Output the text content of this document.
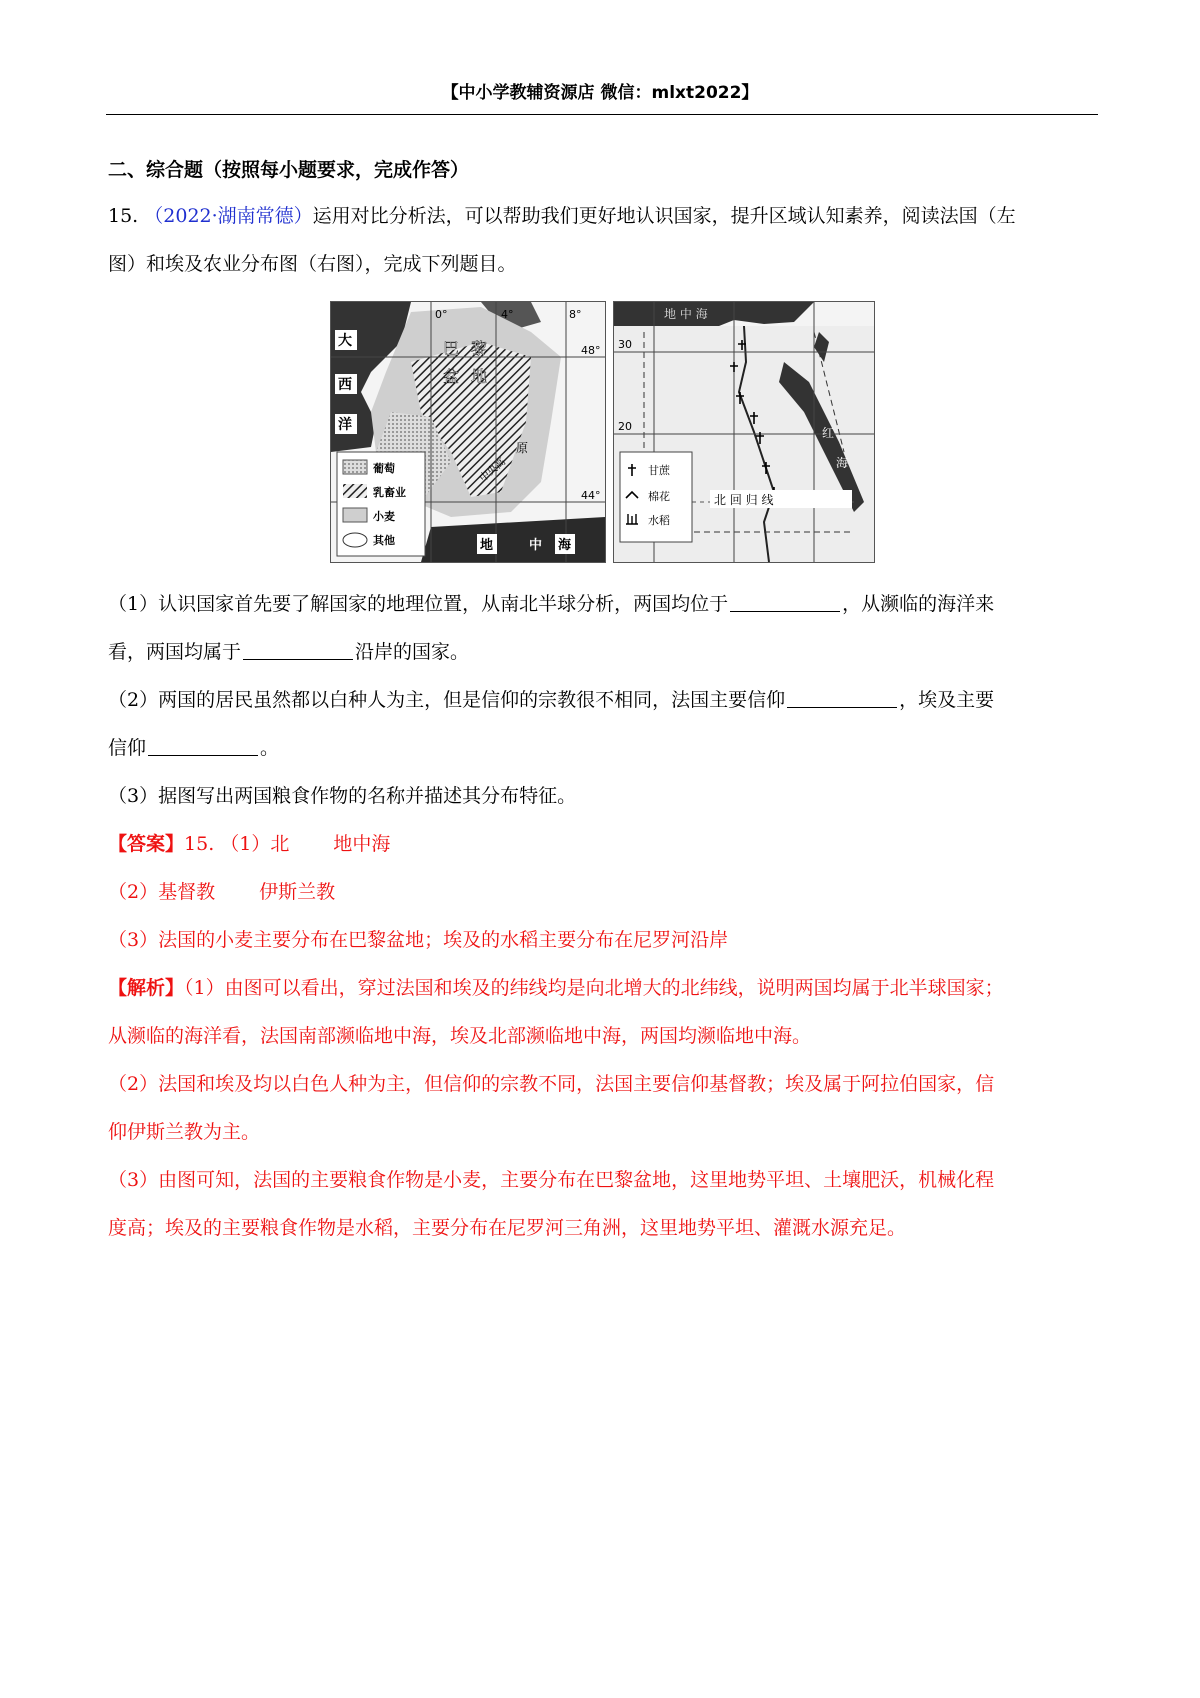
【中小学教辅资源店 微信：mlxt2022】
二、综合题（按照每小题要求，完成作答）
15. （2022·湖南常德）运用对比分析法，可以帮助我们更好地认识国家，提升区域认知素养，阅读法国（左
图）和埃及农业分布图（右图），完成下列题目。
0°	4°	8°
48°
44°
大
西
洋
巴 黎
盆 地
原
中央高
地	中 海
葡萄
乳畜业
小麦
其他
30
20
地 中 海
红
海
北 回 归 线
甘蔗
棉花
水稻
（1）认识国家首先要了解国家的地理位置，从南北半球分析，两国均位于	，从濒临的海洋来
看，两国均属于	沿岸的国家。
（2）两国的居民虽然都以白种人为主，但是信仰的宗教很不相同，法国主要信仰	，埃及主要
信仰	。
（3）据图写出两国粮食作物的名称并描述其分布特征。
【答案】15. （1）北 地中海
（2）基督教 伊斯兰教
（3）法国的小麦主要分布在巴黎盆地；埃及的水稻主要分布在尼罗河沿岸
【解析】（1）由图可以看出，穿过法国和埃及的纬线均是向北增大的北纬线，说明两国均属于北半球国家；
从濒临的海洋看，法国南部濒临地中海，埃及北部濒临地中海，两国均濒临地中海。
（2）法国和埃及均以白色人种为主，但信仰的宗教不同，法国主要信仰基督教；埃及属于阿拉伯国家，信
仰伊斯兰教为主。
（3）由图可知，法国的主要粮食作物是小麦，主要分布在巴黎盆地，这里地势平坦、土壤肥沃，机械化程
度高；埃及的主要粮食作物是水稻，主要分布在尼罗河三角洲，这里地势平坦、灌溉水源充足。
